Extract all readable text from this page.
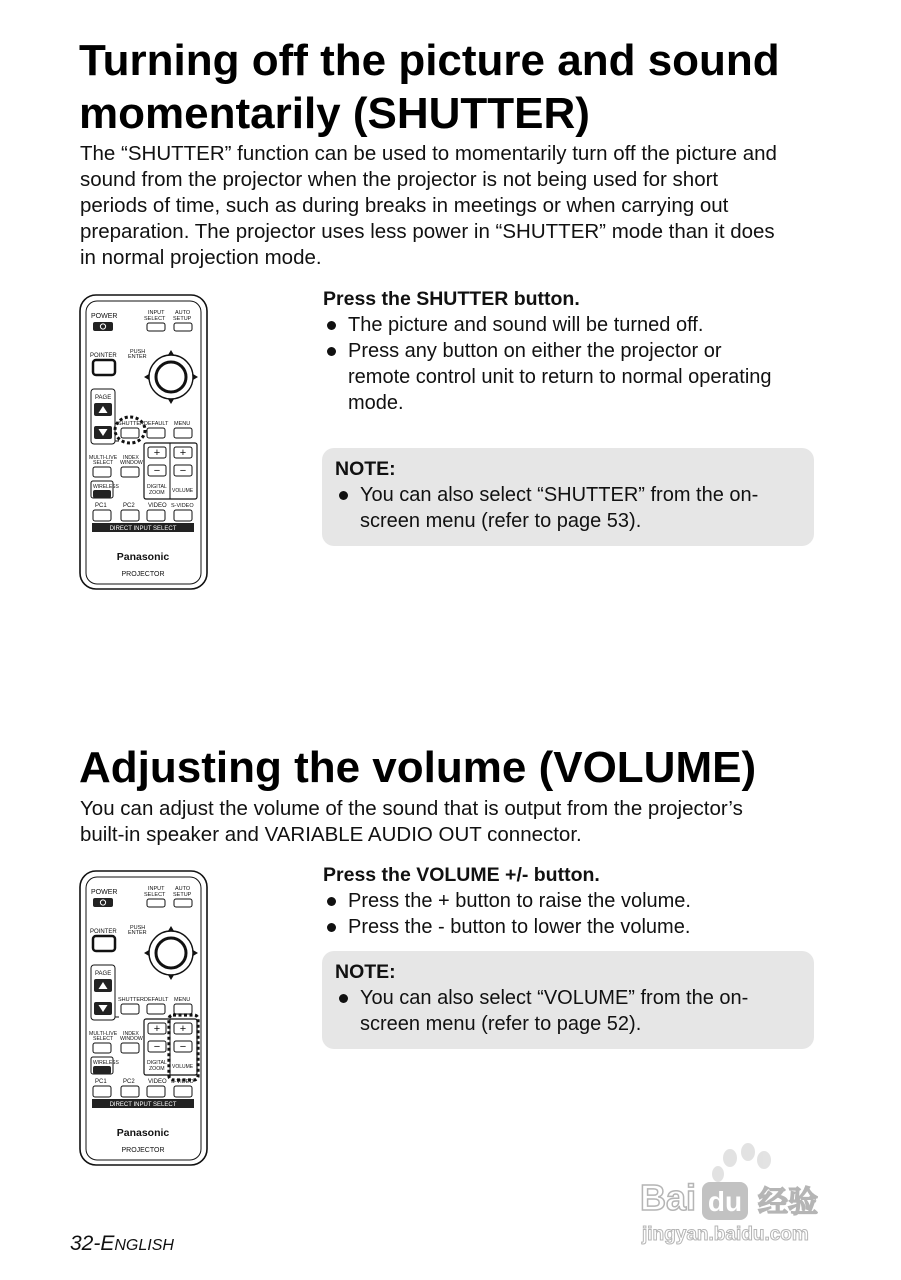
Turning off the picture and sound
momentarily (SHUTTER)

The “SHUTTER” function can be used to momentarily turn off the picture and
sound from the projector when the projector is not being used for short
periods of time, such as during breaks in meetings or when carrying out
preparation. The projector uses less power in “SHUTTER” mode than it does
in normal projection mode.

POWER	INPUT
SELECT
AUTO
SETUP
POINTER
PUSH
ENTER
PAGE
SHUTTER DEFAULT MENU
MULTI-LIVE
SELECT
INDEX
WINDOW
+
−
+
−
DIGITAL
ZOOM VOLUME
WIRELESS
PC1	PC2 VIDEO S-VIDEO
DIRECT INPUT SELECT
Panasonic
PROJECTOR

Press the SHUTTER button.

The picture and sound will be turned off.
Press any button on either the projector or
remote control unit to return to normal operating
mode.

NOTE:

You can also select “SHUTTER” from the on-
screen menu (refer to page 53).
Adjusting the volume (VOLUME)

You can adjust the volume of the sound that is output from the projector’s
built-in speaker and VARIABLE AUDIO OUT connector.

POWER	INPUT
SELECT
AUTO
SETUP
POINTER
PUSH
ENTER
PAGE
SHUTTER DEFAULT MENU
MULTI-LIVE
SELECT
INDEX
WINDOW
+
−
+
−
DIGITAL
ZOOM VOLUME
WIRELESS
PC1	PC2 VIDEO S-VIDEO
DIRECT INPUT SELECT
Panasonic
PROJECTOR

Press the VOLUME +/- button.

Press the + button to raise the volume.
Press the - button to lower the volume.

NOTE:

You can also select “VOLUME” from the on-
screen menu (refer to page 52).
32-ENGLISH
Bai du 经验
jingyan.baidu.com
